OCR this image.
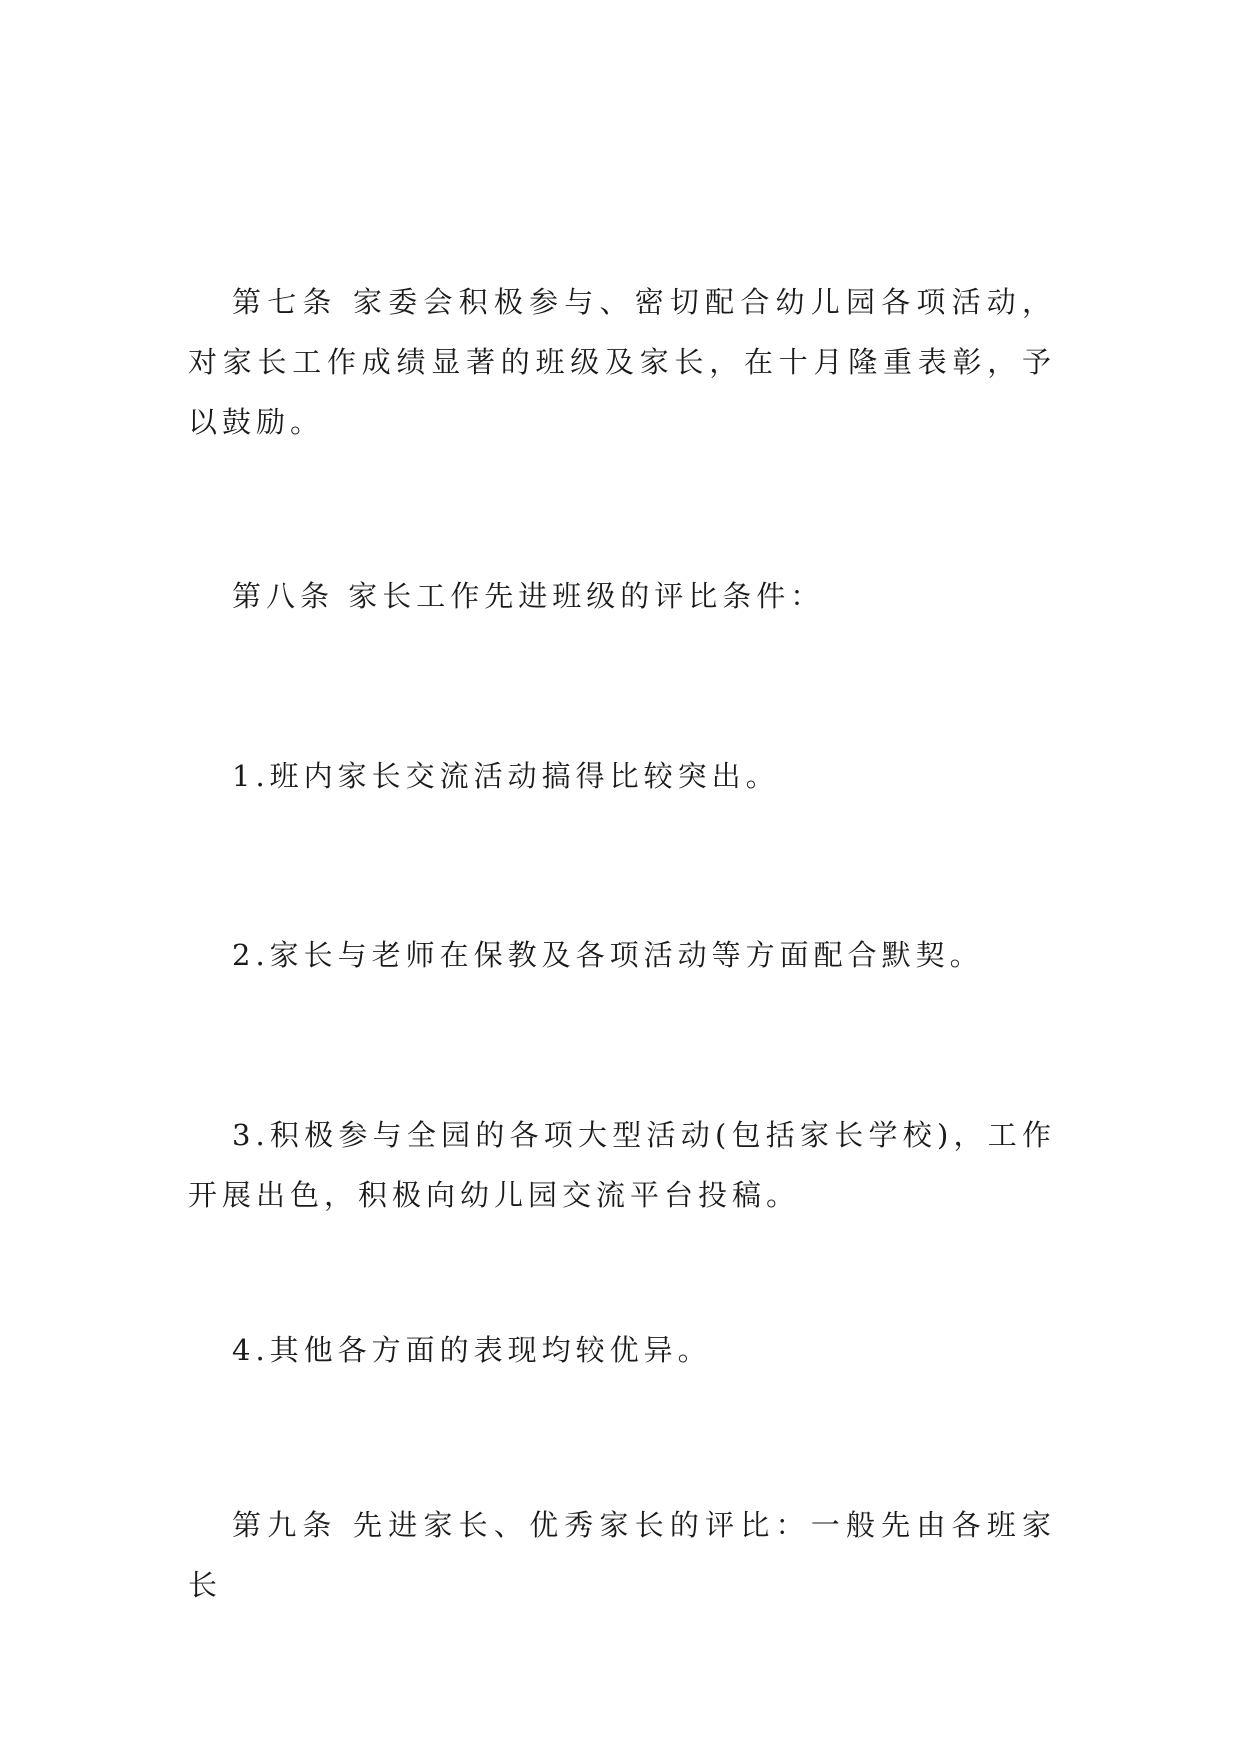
第七条 家委会积极参与、密切配合幼儿园各项活动，对家长工作成绩显著的班级及家长，在十月隆重表彰，予以鼓励。

第八条 家长工作先进班级的评比条件：

1.班内家长交流活动搞得比较突出。

2.家长与老师在保教及各项活动等方面配合默契。

3.积极参与全园的各项大型活动(包括家长学校)，工作开展出色，积极向幼儿园交流平台投稿。

4.其他各方面的表现均较优异。

第九条 先进家长、优秀家长的评比：一般先由各班家长
